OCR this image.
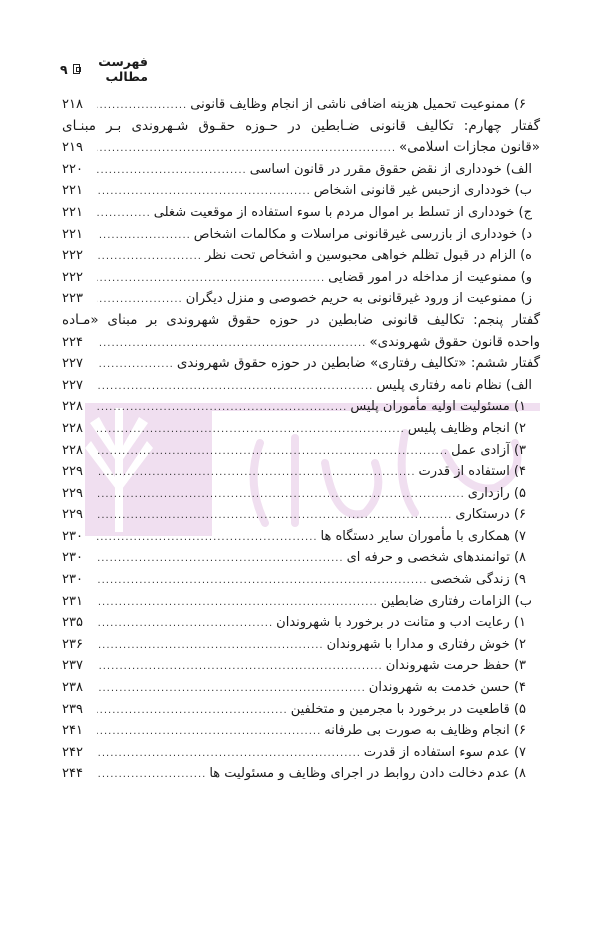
فهرست مطالب
۹
۶) ممنوعیت تحمیل هزینه اضافی ناشی از انجام وظایف قانونی
.....
۲۱۸
گفتار چهارم: تکالیف قانونی ضـابطین در حـوزه حقـوق شـهروندی بـر مبنـای
«قانون مجازات اسلامی»
.....
۲۱۹
الف) خودداری از نقض حقوق مقرر در قانون اساسی
.....
۲۲۰
ب) خودداری ازحبس غیر قانونی اشخاص
.....
۲۲۱
ج) خودداری از تسلط بر اموال مردم با سوء استفاده از موقعیت شغلی
.....
۲۲۱
د) خودداری از بازرسی غیرقانونی مراسلات و مکالمات اشخاص
.....
۲۲۱
ه) الزام در قبول تظلم خواهی محبوسین و اشخاص تحت نظر
.....
۲۲۲
و) ممنوعیت از مداخله در امور قضایی
.....
۲۲۲
ز) ممنوعیت از ورود غیرقانونی به حریم خصوصی و منزل دیگران
.....
۲۲۳
گفتار پنجم: تکالیف قانونی ضابطین در حوزه حقوق شهروندی بر مبنای «مـاده
واحده قانون حقوق شهروندی»
.....
۲۲۴
گفتار ششم: «تکالیف رفتاری» ضابطین در حوزه حقوق شهروندی
.....
۲۲۷
الف) نظام نامه رفتاری پلیس
.....
۲۲۷
۱) مسئولیت اولیه مأموران پلیس
.....
۲۲۸
۲) انجام وظایف پلیس
.....
۲۲۸
۳) آزادی عمل
.....
۲۲۸
۴) استفاده از قدرت
.....
۲۲۹
۵) رازداری
.....
۲۲۹
۶) درستکاری
.....
۲۲۹
۷) همکاری با مأموران سایر دستگاه ها
.....
۲۳۰
۸) توانمندهای شخصی و حرفه ای
.....
۲۳۰
۹) زندگی شخصی
.....
۲۳۰
ب) الزامات رفتاری ضابطین
.....
۲۳۱
۱) رعایت ادب و متانت در برخورد با شهروندان
.....
۲۳۵
۲) خوش رفتاری و مدارا با شهروندان
.....
۲۳۶
۳) حفظ حرمت شهروندان
.....
۲۳۷
۴) حسن خدمت به شهروندان
.....
۲۳۸
۵) قاطعیت در برخورد با مجرمین و متخلفین
.....
۲۳۹
۶) انجام وظایف به صورت بی طرفانه
.....
۲۴۱
۷) عدم سوء استفاده از قدرت
.....
۲۴۲
۸) عدم دخالت دادن روابط در اجرای وظایف و مسئولیت ها
.....
۲۴۴
